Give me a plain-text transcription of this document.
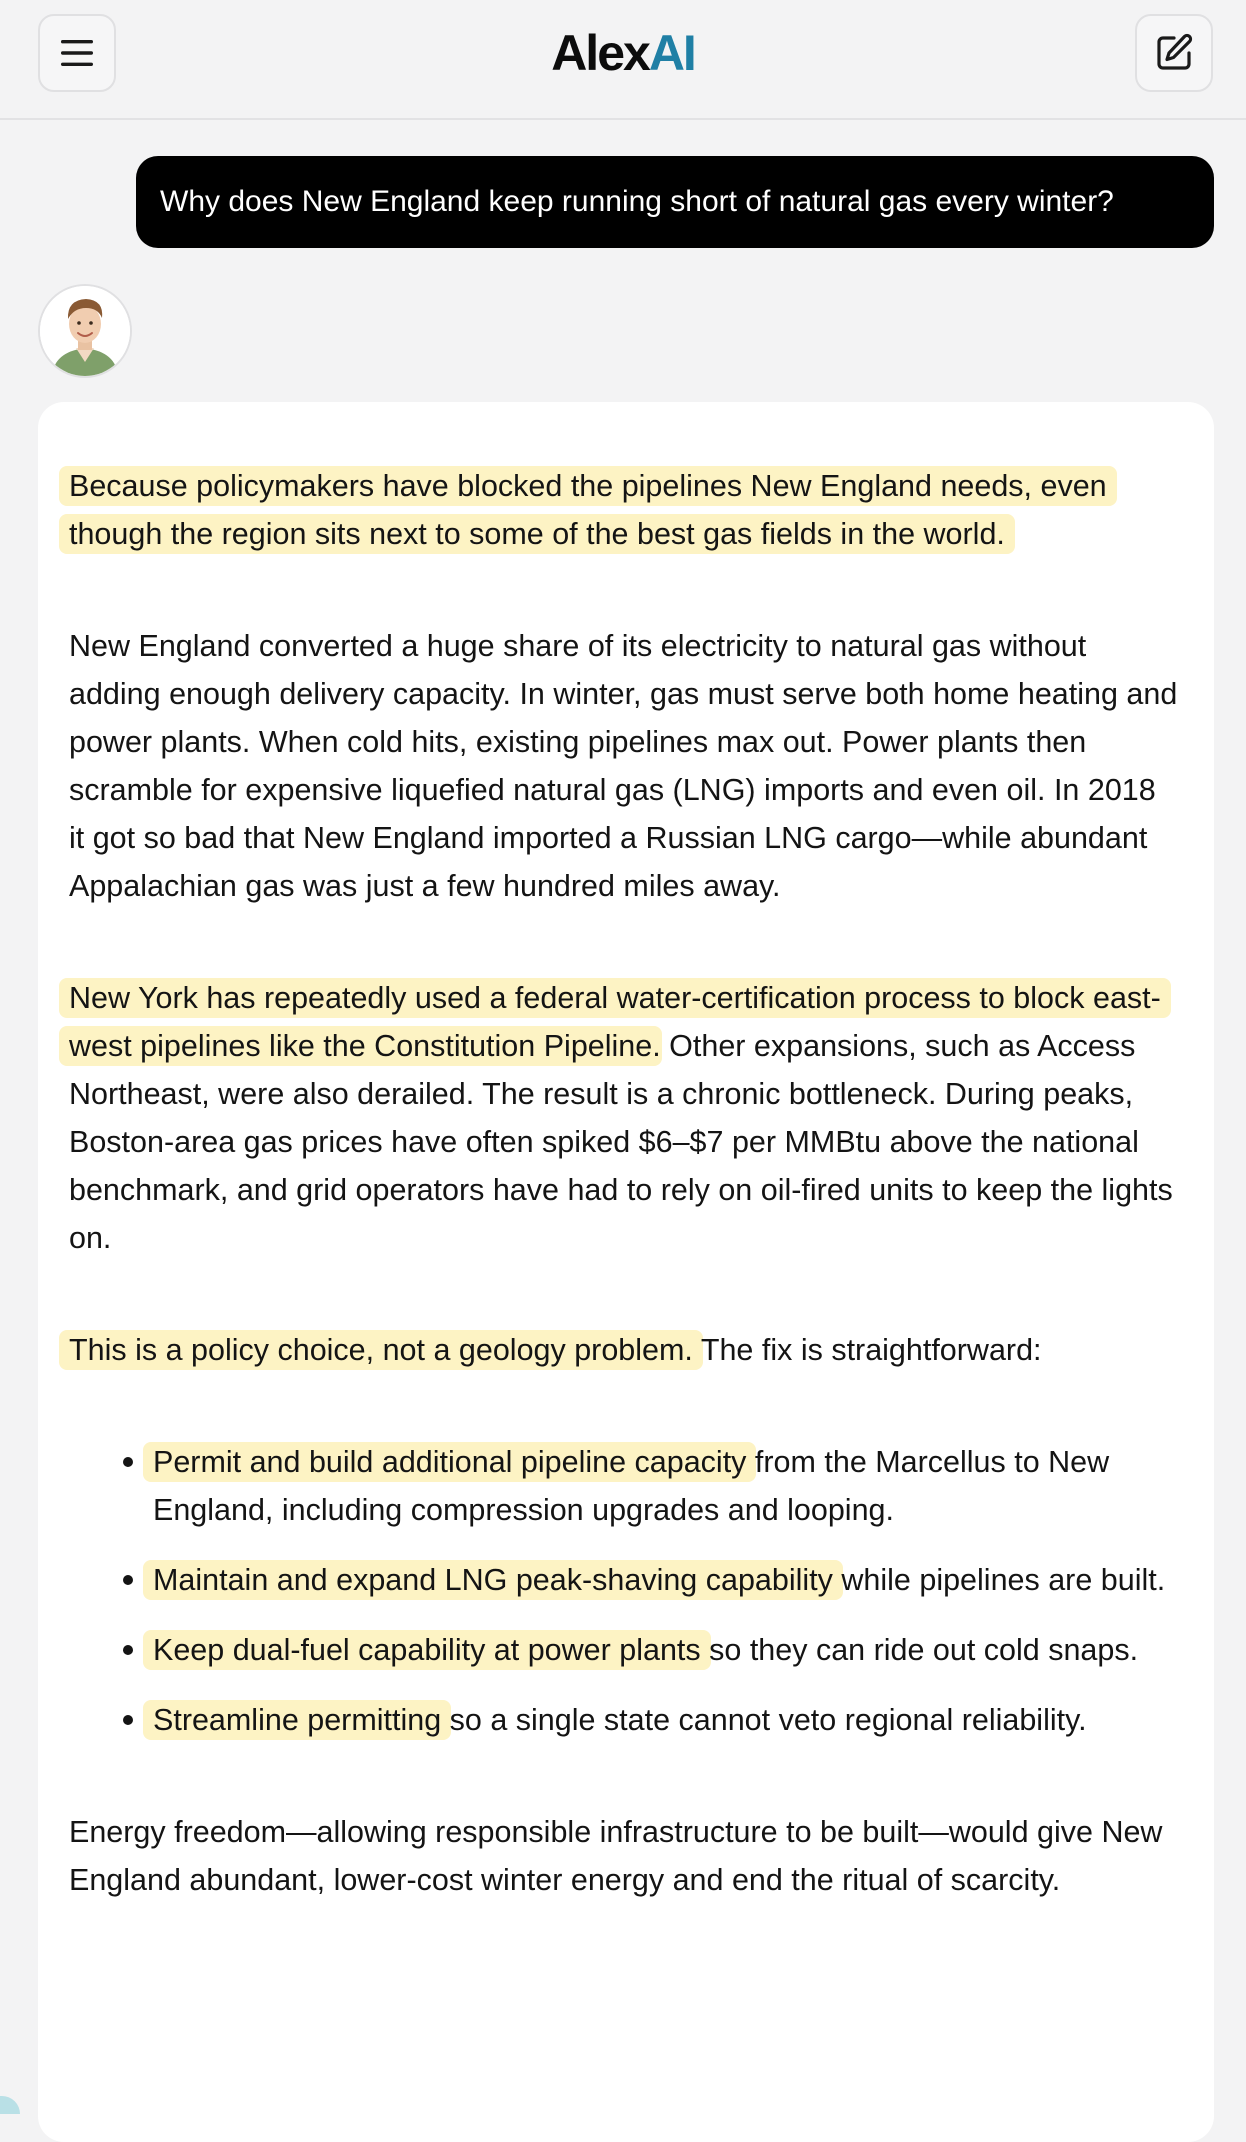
AlexAI
Why does New England keep running short of natural gas every winter?

Because policymakers have blocked the pipelines New England needs, even though the region sits next to some of the best gas fields in the world.

New England converted a huge share of its electricity to natural gas without adding enough delivery capacity. In winter, gas must serve both home heating and power plants. When cold hits, existing pipelines max out. Power plants then scramble for expensive liquefied natural gas (LNG) imports and even oil. In 2018 it got so bad that New England imported a Russian LNG cargo—while abundant Appalachian gas was just a few hundred miles away.

New York has repeatedly used a federal water-certification process to block east-west pipelines like the Constitution Pipeline. Other expansions, such as Access Northeast, were also derailed. The result is a chronic bottleneck. During peaks, Boston-area gas prices have often spiked $6–$7 per MMBtu above the national benchmark, and grid operators have had to rely on oil-fired units to keep the lights on.

This is a policy choice, not a geology problem. The fix is straightforward:

Permit and build additional pipeline capacity from the Marcellus to New England, including compression upgrades and looping.
Maintain and expand LNG peak-shaving capability while pipelines are built.
Keep dual-fuel capability at power plants so they can ride out cold snaps.
Streamline permitting so a single state cannot veto regional reliability.

Energy freedom—allowing responsible infrastructure to be built—would give New England abundant, lower-cost winter energy and end the ritual of scarcity.
